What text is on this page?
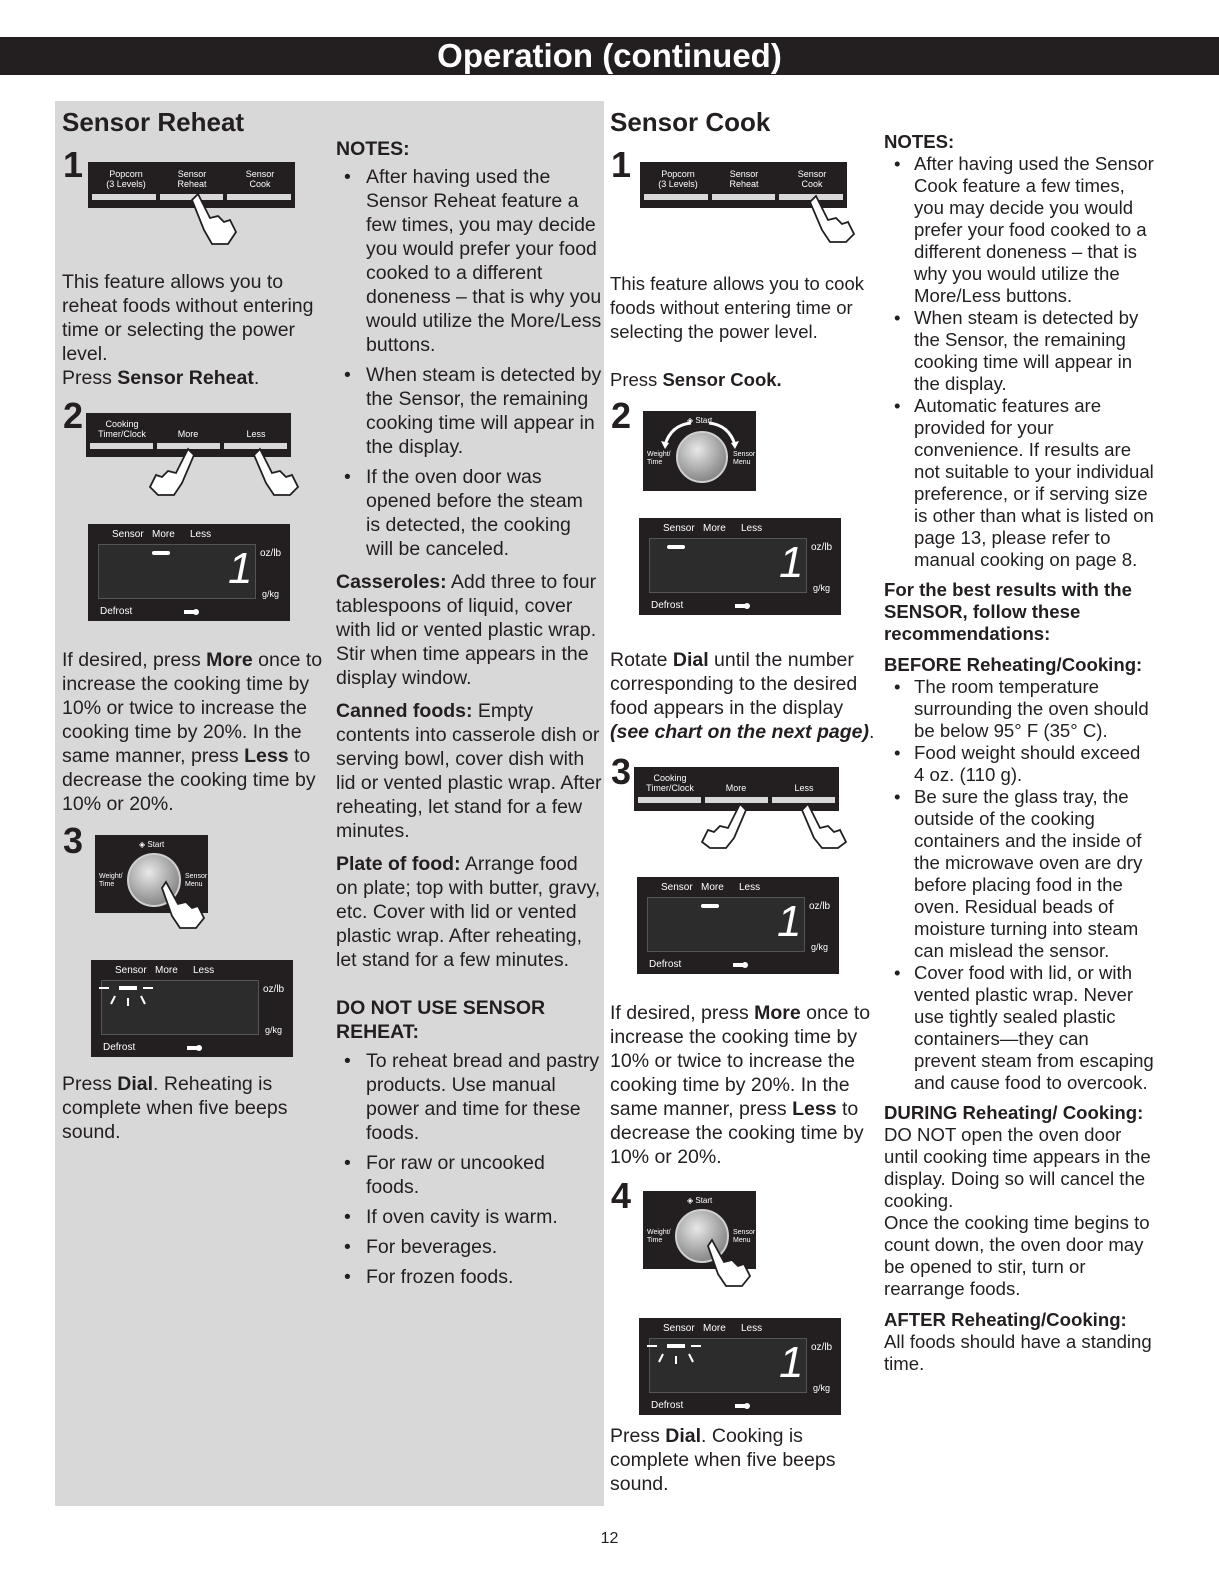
Operation (continued)
Sensor Reheat
1	Popcorn
(3 Levels)
Sensor
Reheat
Sensor
Cook

This feature allows you to reheat foods without entering time or selecting the power level.

Press Sensor Reheat.

2	Cooking
Timer/Clock	More	Less
Sensor More Less
1 oz/lb
g/kg
Defrost

If desired, press More once to increase the cooking time by 10% or twice to increase the cooking time by 20%. In the same manner, press Less to decrease the cooking time by 10% or 20%.

3	◈ Start
Weight/
Time
Sensor
Menu
Sensor More Less
oz/lb
g/kg
Defrost

Press Dial. Reheating is complete when five beeps sound.

NOTES:

• After having used the Sensor Reheat feature a few times, you may decide you would prefer your food cooked to a different doneness – that is why you would utilize the More/Less buttons.
• When steam is detected by the Sensor, the remaining cooking time will appear in the display.
• If the oven door was opened before the steam is detected, the cooking will be canceled.

Casseroles: Add three to four tablespoons of liquid, cover with lid or vented plastic wrap. Stir when time appears in the display window.

Canned foods: Empty contents into casserole dish or serving bowl, cover dish with lid or vented plastic wrap. After reheating, let stand for a few minutes.

Plate of food: Arrange food on plate; top with butter, gravy, etc. Cover with lid or vented plastic wrap. After reheating, let stand for a few minutes.

DO NOT USE SENSOR REHEAT:

• To reheat bread and pastry products. Use manual power and time for these foods.
• For raw or uncooked foods.
• If oven cavity is warm.
• For beverages.
• For frozen foods.
Sensor Cook
1	Popcorn
(3 Levels)
Sensor
Reheat
Sensor
Cook

This feature allows you to cook foods without entering time or selecting the power level.

Press Sensor Cook.

2	◈ Start
Weight/
Time
Sensor
Menu
Sensor More Less
1 oz/lb
g/kg
Defrost

Rotate Dial until the number corresponding to the desired food appears in the display (see chart on the next page).

3	Cooking
Timer/Clock	More	Less
Sensor More Less
1 oz/lb
g/kg
Defrost

If desired, press More once to increase the cooking time by 10% or twice to increase the cooking time by 20%. In the same manner, press Less to decrease the cooking time by 10% or 20%.

4	◈ Start
Weight/
Time
Sensor
Menu
Sensor More Less
1 oz/lb
g/kg
Defrost

Press Dial. Cooking is complete when five beeps sound.

NOTES:

• After having used the Sensor Cook feature a few times, you may decide you would prefer your food cooked to a different doneness – that is why you would utilize the More/Less buttons.
• When steam is detected by the Sensor, the remaining cooking time will appear in the display.
• Automatic features are provided for your convenience. If results are not suitable to your individual preference, or if serving size is other than what is listed on page 13, please refer to manual cooking on page 8.

For the best results with the SENSOR, follow these recommendations:

BEFORE Reheating/Cooking:

• The room temperature surrounding the oven should be below 95° F (35° C).
• Food weight should exceed 4 oz. (110 g).
• Be sure the glass tray, the outside of the cooking containers and the inside of the microwave oven are dry before placing food in the oven. Residual beads of moisture turning into steam can mislead the sensor.
• Cover food with lid, or with vented plastic wrap. Never use tightly sealed plastic containers—they can prevent steam from escaping and cause food to overcook.

DURING Reheating/ Cooking:

DO NOT open the oven door until cooking time appears in the display. Doing so will cancel the cooking.

Once the cooking time begins to count down, the oven door may be opened to stir, turn or rearrange foods.

AFTER Reheating/Cooking:

All foods should have a standing time.

12
